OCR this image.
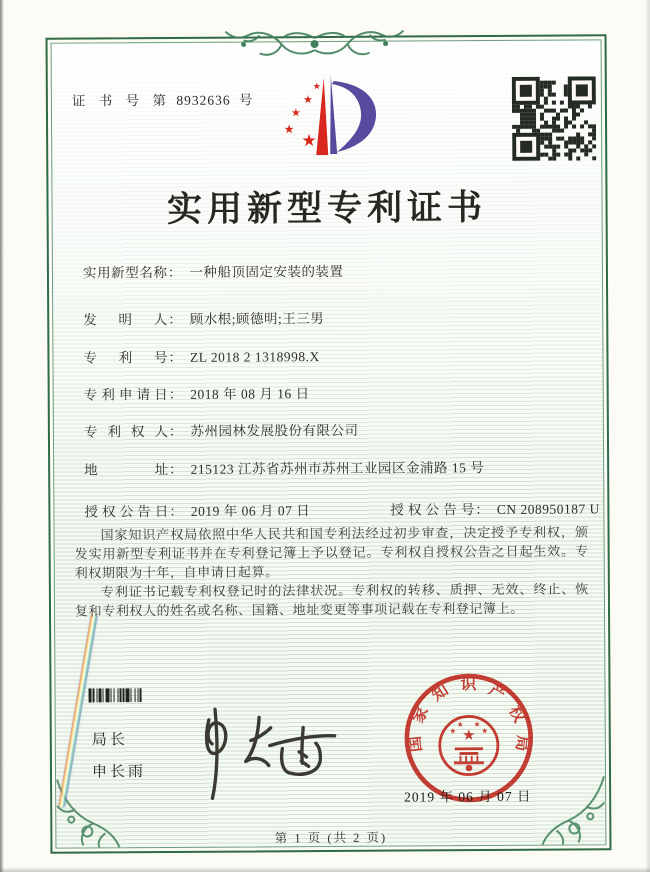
证 书 号 第 8932636 号
★
★
★
★
★
实用新型专利证书
实用新型名称： 一种船顶固定安装的装置
发明人： 顾水根;顾德明;王三男
专利号： ZL 2018 2 1318998.X
专利申请日： 2018 年 08 月 16 日
专利权人： 苏州园林发展股份有限公司
地址： 215123 江苏省苏州市苏州工业园区金浦路 15 号
授权公告日： 2019 年 06 月 07 日	授权公告号： CN 208950187 U

国家知识产权局依照中华人民共和国专利法经过初步审查，决定授予专利权，颁发实用新型专利证书并在专利登记簿上予以登记。专利权自授权公告之日起生效。专利权期限为十年，自申请日起算。

专利证书记载专利权登记时的法律状况。专利权的转移、质押、无效、终止、恢复和专利权人的姓名或名称、国籍、地址变更等事项记载在专利登记簿上。

局长
申长雨
国
家
知 识 产
权
局
★
★
★ ★
★
2019 年 06 月 07 日
第 1 页 (共 2 页)
